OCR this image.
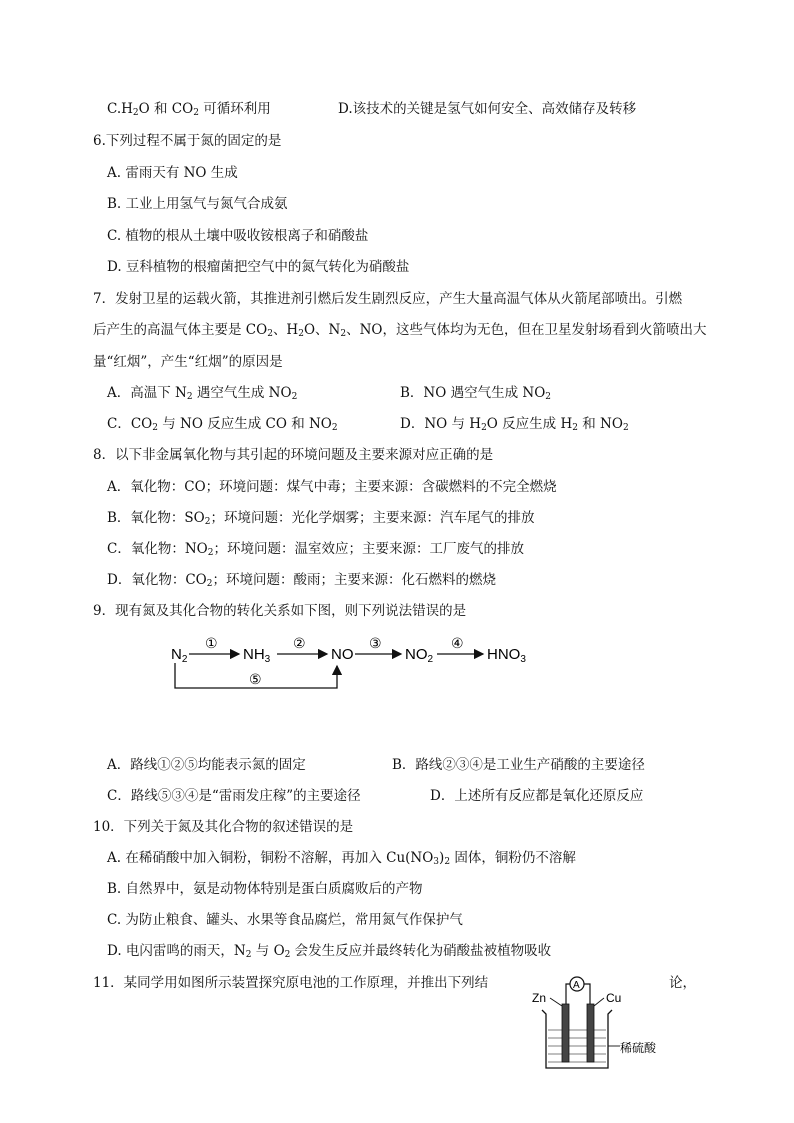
$C.H_2O$ 和 $CO_2$ 可循环利用	D.该技术的关键是氢气如何安全、高效储存及转移
6.下列过程不属于氮的固定的是
A. 雷雨天有 NO 生成
B. 工业上用氢气与氮气合成氨
C. 植物的根从土壤中吸收铵根离子和硝酸盐
D. 豆科植物的根瘤菌把空气中的氮气转化为硝酸盐
7．发射卫星的运载火箭，其推进剂引燃后发生剧烈反应，产生大量高温气体从火箭尾部喷出。引燃
后产生的高温气体主要是 $CO_2$、$H_2O$、$N_2$、NO，这些气体均为无色，但在卫星发射场看到火箭喷出大
量“红烟”，产生“红烟”的原因是
A．高温下 $N_2$ 遇空气生成 $NO_2$	B．NO 遇空气生成 $NO_2$
C．$CO_2$ 与 NO 反应生成 CO 和 $NO_2$	D．NO 与 $H_2O$ 反应生成 $H_2$ 和 $NO_2$
8．以下非金属氧化物与其引起的环境问题及主要来源对应正确的是
A．氧化物：CO；环境问题：煤气中毒；主要来源：含碳燃料的不完全燃烧
B．氧化物：$SO_2$；环境问题：光化学烟雾；主要来源：汽车尾气的排放
C．氧化物：$NO_2$；环境问题：温室效应；主要来源：工厂废气的排放
D．氧化物：$CO_2$；环境问题：酸雨；主要来源：化石燃料的燃烧
9．现有氮及其化合物的转化关系如下图，则下列说法错误的是
$N_2$	$NH_3$	NO	$NO_2$	$HNO_3$
①	②	③	④
⑤
A．路线①②⑤均能表示氮的固定	B．路线②③④是工业生产硝酸的主要途径
C．路线⑤③④是“雷雨发庄稼”的主要途径	D．上述所有反应都是氧化还原反应
10．下列关于氮及其化合物的叙述错误的是
A. 在稀硝酸中加入铜粉，铜粉不溶解，再加入 $Cu(NO_3)_2$ 固体，铜粉仍不溶解
B. 自然界中，氨是动物体特别是蛋白质腐败后的产物
C. 为防止粮食、罐头、水果等食品腐烂，常用氮气作保护气
D. 电闪雷鸣的雨天，$N_2$ 与 $O_2$ 会发生反应并最终转化为硝酸盐被植物吸收
11．某同学用如图所示装置探究原电池的工作原理，并推出下列结	论，
A
Zn	Cu
稀硫酸
